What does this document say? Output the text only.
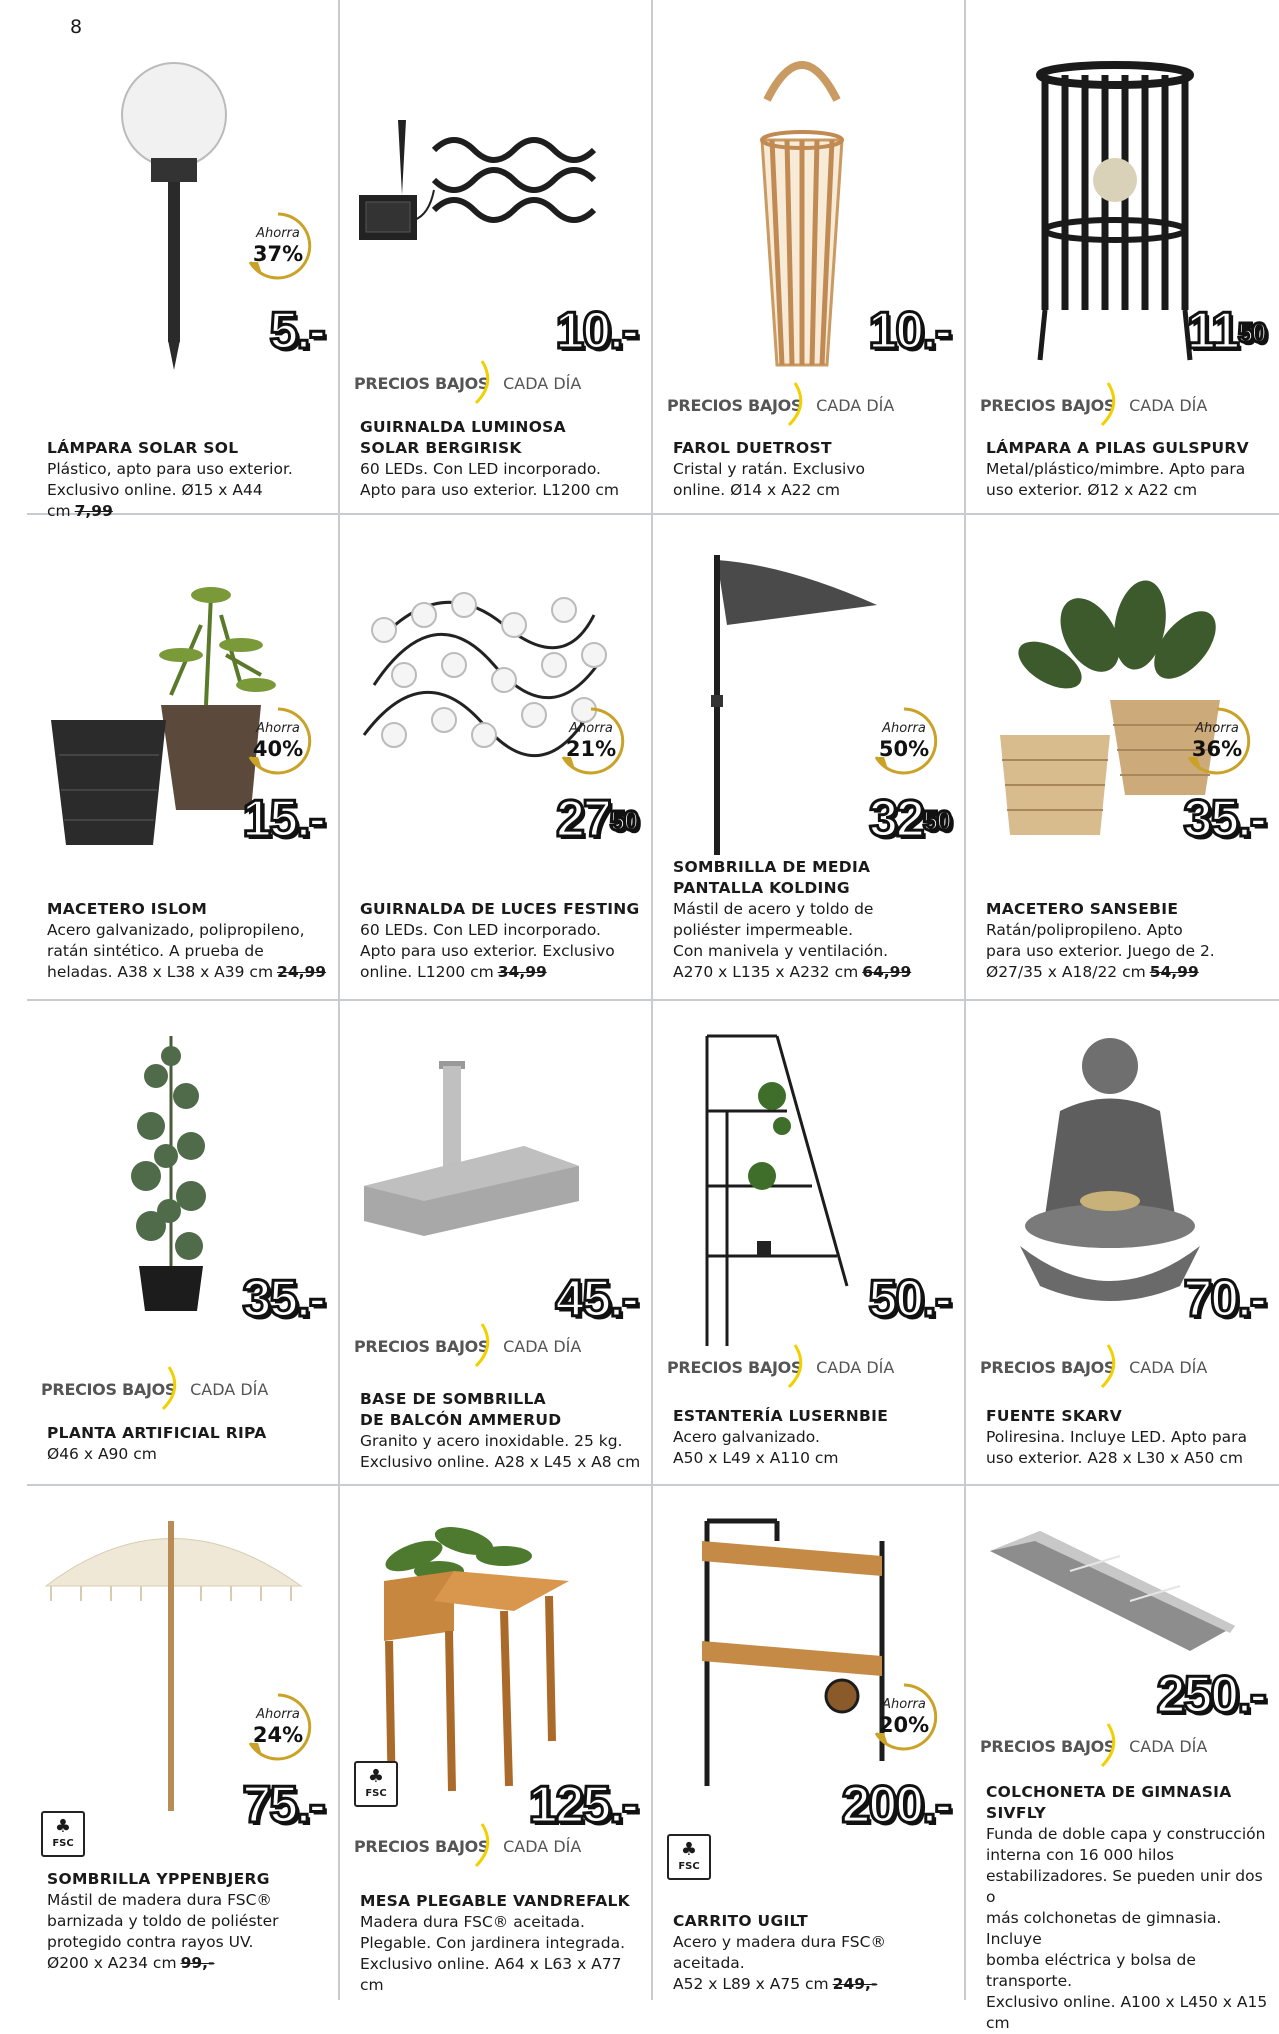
8
Ahorra
37%
5.-
LÁMPARA SOLAR SOL
Plástico, apto para uso exterior.
Exclusivo online. Ø15 x A44 cm 7,99
10.-
PRECIOS BAJOS CADA DÍA
GUIRNALDA LUMINOSA
SOLAR BERGIRISK
60 LEDs. Con LED incorporado.
Apto para uso exterior. L1200 cm
10.-
PRECIOS BAJOS CADA DÍA
FAROL DUETROST
Cristal y ratán. Exclusivo
online. Ø14 x A22 cm
$11^{50}$
PRECIOS BAJOS CADA DÍA
LÁMPARA A PILAS GULSPURV
Metal/plástico/mimbre. Apto para
uso exterior. Ø12 x A22 cm
Ahorra
40%
15.-
MACETERO ISLOM
Acero galvanizado, polipropileno,
ratán sintético. A prueba de
heladas. A38 x L38 x A39 cm 24,99
Ahorra
21%
$27^{50}$
GUIRNALDA DE LUCES FESTING
60 LEDs. Con LED incorporado.
Apto para uso exterior. Exclusivo
online. L1200 cm 34,99
Ahorra
50%
$32^{50}$
SOMBRILLA DE MEDIA
PANTALLA KOLDING
Mástil de acero y toldo de
poliéster impermeable.
Con manivela y ventilación.
A270 x L135 x A232 cm 64,99
Ahorra
36%
35.-
MACETERO SANSEBIE
Ratán/polipropileno. Apto
para uso exterior. Juego de 2.
Ø27/35 x A18/22 cm 54,99
35.-
PRECIOS BAJOS CADA DÍA
PLANTA ARTIFICIAL RIPA
Ø46 x A90 cm
45.-
PRECIOS BAJOS CADA DÍA
BASE DE SOMBRILLA
DE BALCÓN AMMERUD
Granito y acero inoxidable. 25 kg.
Exclusivo online. A28 x L45 x A8 cm
50.-
PRECIOS BAJOS CADA DÍA
ESTANTERÍA LUSERNBIE
Acero galvanizado.
A50 x L49 x A110 cm
70.-
PRECIOS BAJOS CADA DÍA
FUENTE SKARV
Poliresina. Incluye LED. Apto para
uso exterior. A28 x L30 x A50 cm
Ahorra
24%
75.-
♣
FSC
SOMBRILLA YPPENBJERG
Mástil de madera dura FSC®
barnizada y toldo de poliéster
protegido contra rayos UV.
Ø200 x A234 cm 99,-
125.-
♣
FSC
PRECIOS BAJOS CADA DÍA
MESA PLEGABLE VANDREFALK
Madera dura FSC® aceitada.
Plegable. Con jardinera integrada.
Exclusivo online. A64 x L63 x A77 cm
Ahorra
20%
200.-
♣
FSC
CARRITO UGILT
Acero y madera dura FSC® aceitada.
A52 x L89 x A75 cm 249,-
250.-
PRECIOS BAJOS CADA DÍA
COLCHONETA DE GIMNASIA
SIVFLY
Funda de doble capa y construcción
interna con 16 000 hilos
estabilizadores. Se pueden unir dos o
más colchonetas de gimnasia. Incluye
bomba eléctrica y bolsa de transporte.
Exclusivo online. A100 x L450 x A15 cm
